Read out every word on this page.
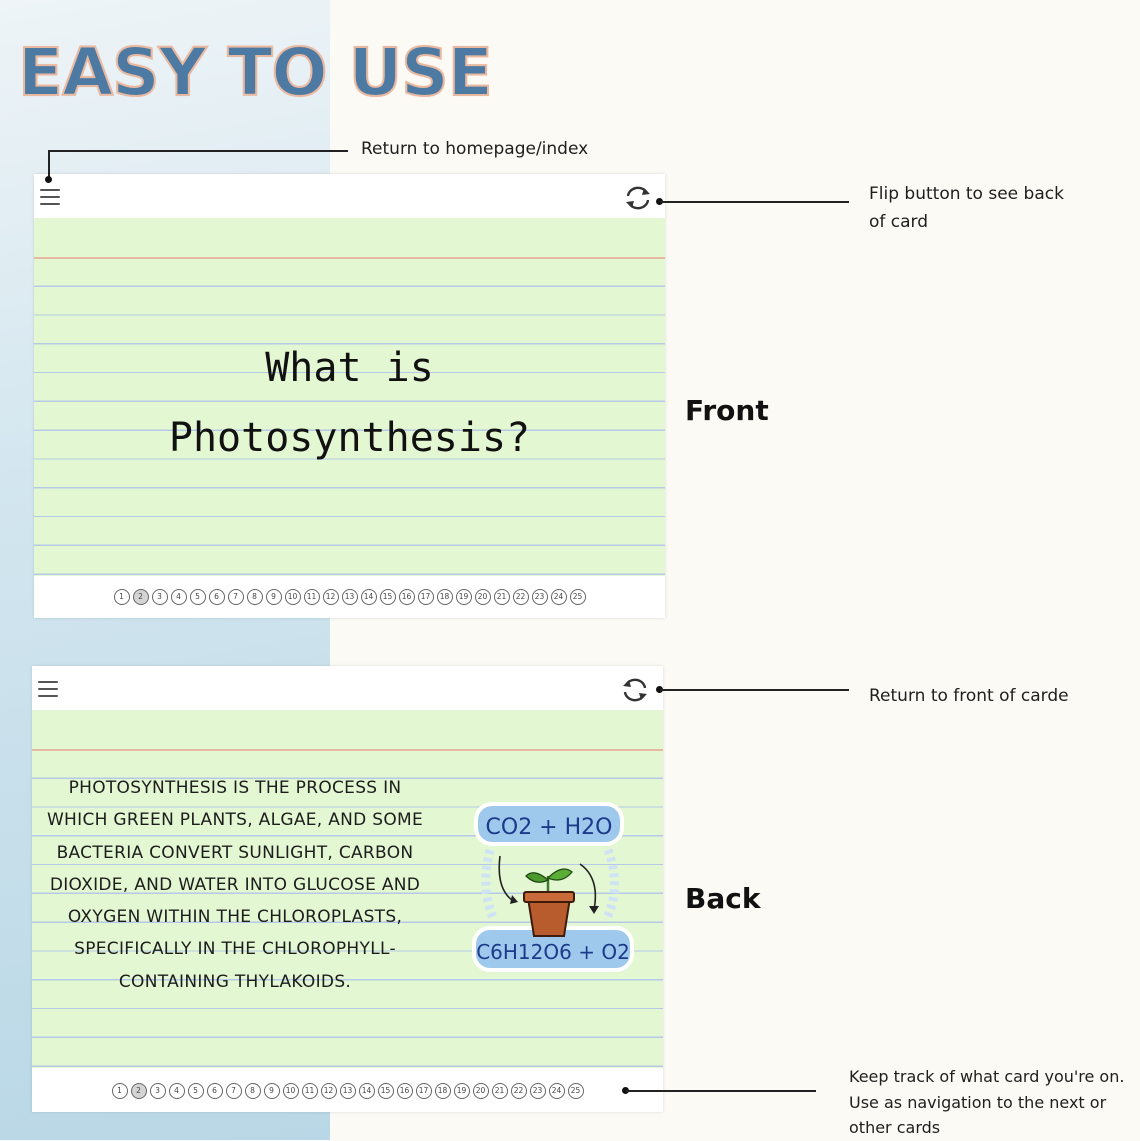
EASY TO USE
What is
Photosynthesis?
1	2	3	4	5	6	7	8	9	10	11	12	13	14	15	16	17	18	19	20	21	22	23	24	25
PHOTOSYNTHESIS IS THE PROCESS IN WHICH GREEN PLANTS, ALGAE, AND SOME BACTERIA CONVERT SUNLIGHT, CARBON DIOXIDE, AND WATER INTO GLUCOSE AND OXYGEN WITHIN THE CHLOROPLASTS, SPECIFICALLY IN THE CHLOROPHYLL-CONTAINING THYLAKOIDS.
CO2 + H2O
C6H12O6 + O2
1	2	3	4	5	6	7	8	9	10	11	12	13	14	15	16	17	18	19	20	21	22	23	24	25
Front
Back
Return to homepage/index
Flip button to see back of card
Return to front of carde
Keep track of what card you're on. Use as navigation to the next or other cards
